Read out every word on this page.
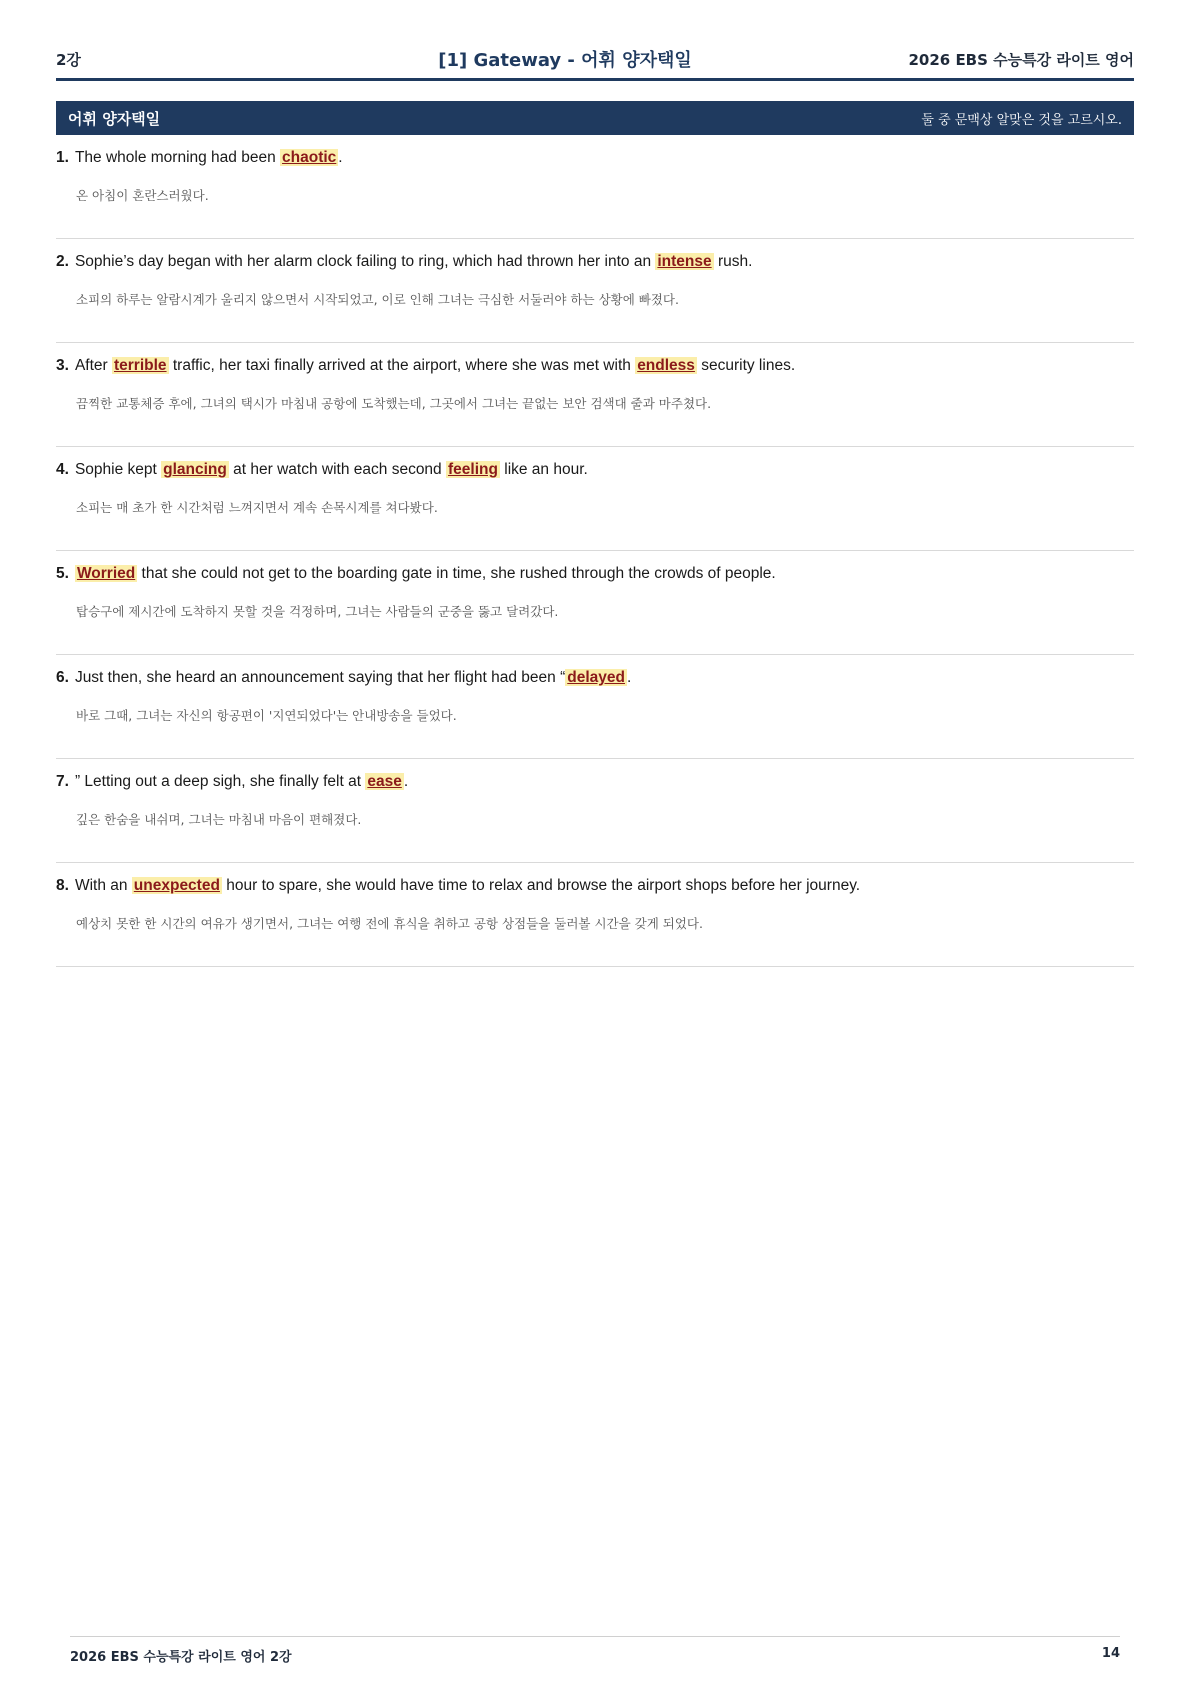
2강	[1] Gateway - 어휘 양자택일	2026 EBS 수능특강 라이트 영어
어휘 양자택일	둘 중 문맥상 알맞은 것을 고르시오.
1. The whole morning had been chaotic .
온 아침이 혼란스러웠다.
2. Sophie’s day began with her alarm clock failing to ring, which had thrown her into an intense rush.
소피의 하루는 알람시계가 울리지 않으면서 시작되었고, 이로 인해 그녀는 극심한 서둘러야 하는 상황에 빠졌다.
3. After terrible traffic, her taxi finally arrived at the airport, where she was met with endless security lines.
끔찍한 교통체증 후에, 그녀의 택시가 마침내 공항에 도착했는데, 그곳에서 그녀는 끝없는 보안 검색대 줄과 마주쳤다.
4. Sophie kept glancing at her watch with each second feeling like an hour.
소피는 매 초가 한 시간처럼 느껴지면서 계속 손목시계를 쳐다봤다.
5. Worried that she could not get to the boarding gate in time, she rushed through the crowds of people.
탑승구에 제시간에 도착하지 못할 것을 걱정하며, 그녀는 사람들의 군중을 뚫고 달려갔다.
6. Just then, she heard an announcement saying that her flight had been “ delayed .
바로 그때, 그녀는 자신의 항공편이 '지연되었다'는 안내방송을 들었다.
7. ” Letting out a deep sigh, she finally felt at ease .
깊은 한숨을 내쉬며, 그녀는 마침내 마음이 편해졌다.
8. With an unexpected hour to spare, she would have time to relax and browse the airport shops before her journey.
예상치 못한 한 시간의 여유가 생기면서, 그녀는 여행 전에 휴식을 취하고 공항 상점들을 둘러볼 시간을 갖게 되었다.
2026 EBS 수능특강 라이트 영어 2강	14
